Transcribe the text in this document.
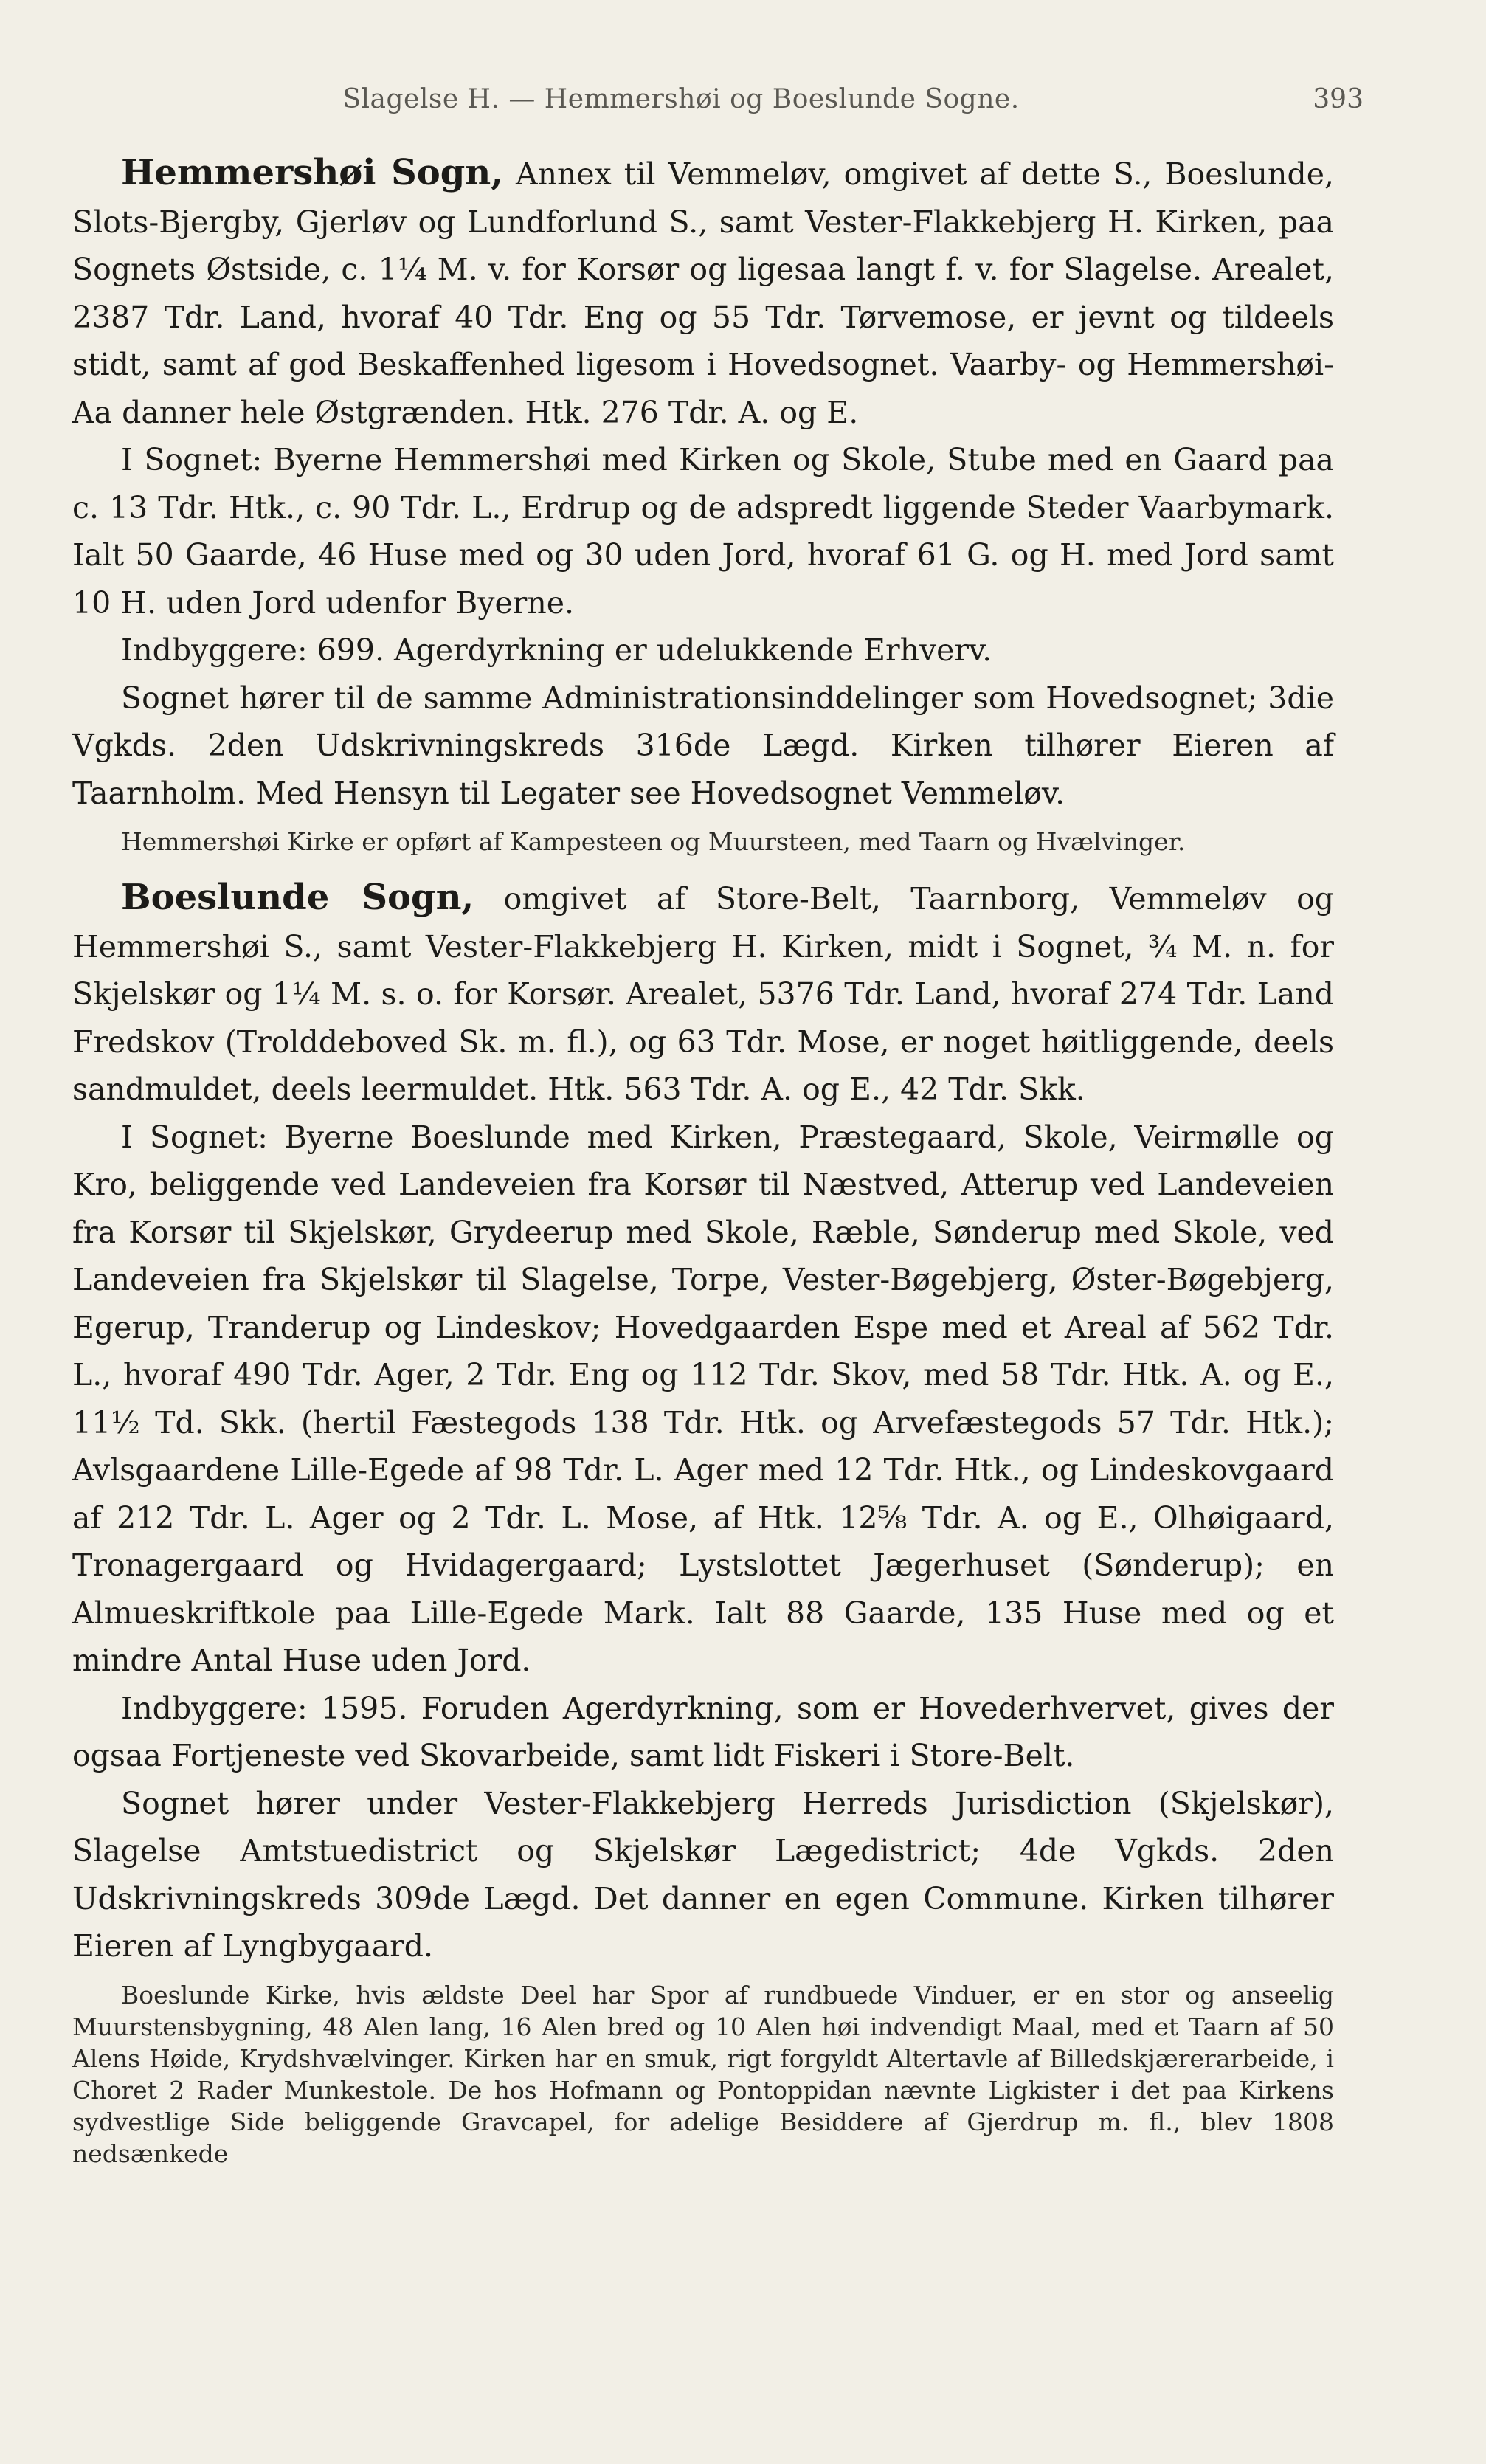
Slagelse H. — Hemmershøi og Boeslunde Sogne.	393

Hemmershøi Sogn, Annex til Vemmeløv, omgivet af dette S., Boeslunde, Slots-Bjergby, Gjerløv og Lundforlund S., samt Vester-Flakkebjerg H. Kirken, paa Sognets Østside, c. 1¼ M. v. for Korsør og ligesaa langt f. v. for Slagelse. Arealet, 2387 Tdr. Land, hvoraf 40 Tdr. Eng og 55 Tdr. Tørvemose, er jevnt og tildeels stidt, samt af god Beskaffenhed ligesom i Hovedsognet. Vaarby- og Hemmershøi-Aa danner hele Østgrænden. Htk. 276 Tdr. A. og E.

I Sognet: Byerne Hemmershøi med Kirken og Skole, Stube med en Gaard paa c. 13 Tdr. Htk., c. 90 Tdr. L., Erdrup og de adspredt liggende Steder Vaarbymark. Ialt 50 Gaarde, 46 Huse med og 30 uden Jord, hvoraf 61 G. og H. med Jord samt 10 H. uden Jord udenfor Byerne.

Indbyggere: 699. Agerdyrkning er udelukkende Erhverv.

Sognet hører til de samme Administrationsinddelinger som Hovedsognet; 3die Vgkds. 2den Udskrivningskreds 316de Lægd. Kirken tilhører Eieren af Taarnholm. Med Hensyn til Legater see Hovedsognet Vemmeløv.

Hemmershøi Kirke er opført af Kampesteen og Muursteen, med Taarn og Hvælvinger.

Boeslunde Sogn, omgivet af Store-Belt, Taarnborg, Vemmeløv og Hemmershøi S., samt Vester-Flakkebjerg H. Kirken, midt i Sognet, ¾ M. n. for Skjelskør og 1¼ M. s. o. for Korsør. Arealet, 5376 Tdr. Land, hvoraf 274 Tdr. Land Fredskov (Trolddeboved Sk. m. fl.), og 63 Tdr. Mose, er noget høitliggende, deels sandmuldet, deels leermuldet. Htk. 563 Tdr. A. og E., 42 Tdr. Skk.

I Sognet: Byerne Boeslunde med Kirken, Præstegaard, Skole, Veirmølle og Kro, beliggende ved Landeveien fra Korsør til Næstved, Atterup ved Landeveien fra Korsør til Skjelskør, Grydeerup med Skole, Ræble, Sønderup med Skole, ved Landeveien fra Skjelskør til Slagelse, Torpe, Vester-Bøgebjerg, Øster-Bøgebjerg, Egerup, Tranderup og Lindeskov; Hovedgaarden Espe med et Areal af 562 Tdr. L., hvoraf 490 Tdr. Ager, 2 Tdr. Eng og 112 Tdr. Skov, med 58 Tdr. Htk. A. og E., 11½ Td. Skk. (hertil Fæstegods 138 Tdr. Htk. og Arvefæstegods 57 Tdr. Htk.); Avlsgaardene Lille-Egede af 98 Tdr. L. Ager med 12 Tdr. Htk., og Lindeskovgaard af 212 Tdr. L. Ager og 2 Tdr. L. Mose, af Htk. 12⅝ Tdr. A. og E., Olhøigaard, Tronagergaard og Hvidagergaard; Lystslottet Jægerhuset (Sønderup); en Almueskriftkole paa Lille-Egede Mark. Ialt 88 Gaarde, 135 Huse med og et mindre Antal Huse uden Jord.

Indbyggere: 1595. Foruden Agerdyrkning, som er Hovederhvervet, gives der ogsaa Fortjeneste ved Skovarbeide, samt lidt Fiskeri i Store-Belt.

Sognet hører under Vester-Flakkebjerg Herreds Jurisdiction (Skjelskør), Slagelse Amtstuedistrict og Skjelskør Lægedistrict; 4de Vgkds. 2den Udskrivningskreds 309de Lægd. Det danner en egen Commune. Kirken tilhører Eieren af Lyngbygaard.

Boeslunde Kirke, hvis ældste Deel har Spor af rundbuede Vinduer, er en stor og anseelig Muurstensbygning, 48 Alen lang, 16 Alen bred og 10 Alen høi indvendigt Maal, med et Taarn af 50 Alens Høide, Krydshvælvinger. Kirken har en smuk, rigt forgyldt Altertavle af Billedskjærerarbeide, i Choret 2 Rader Munkestole. De hos Hofmann og Pontoppidan nævnte Ligkister i det paa Kirkens sydvestlige Side beliggende Gravcapel, for adelige Besiddere af Gjerdrup m. fl., blev 1808 nedsænkede
